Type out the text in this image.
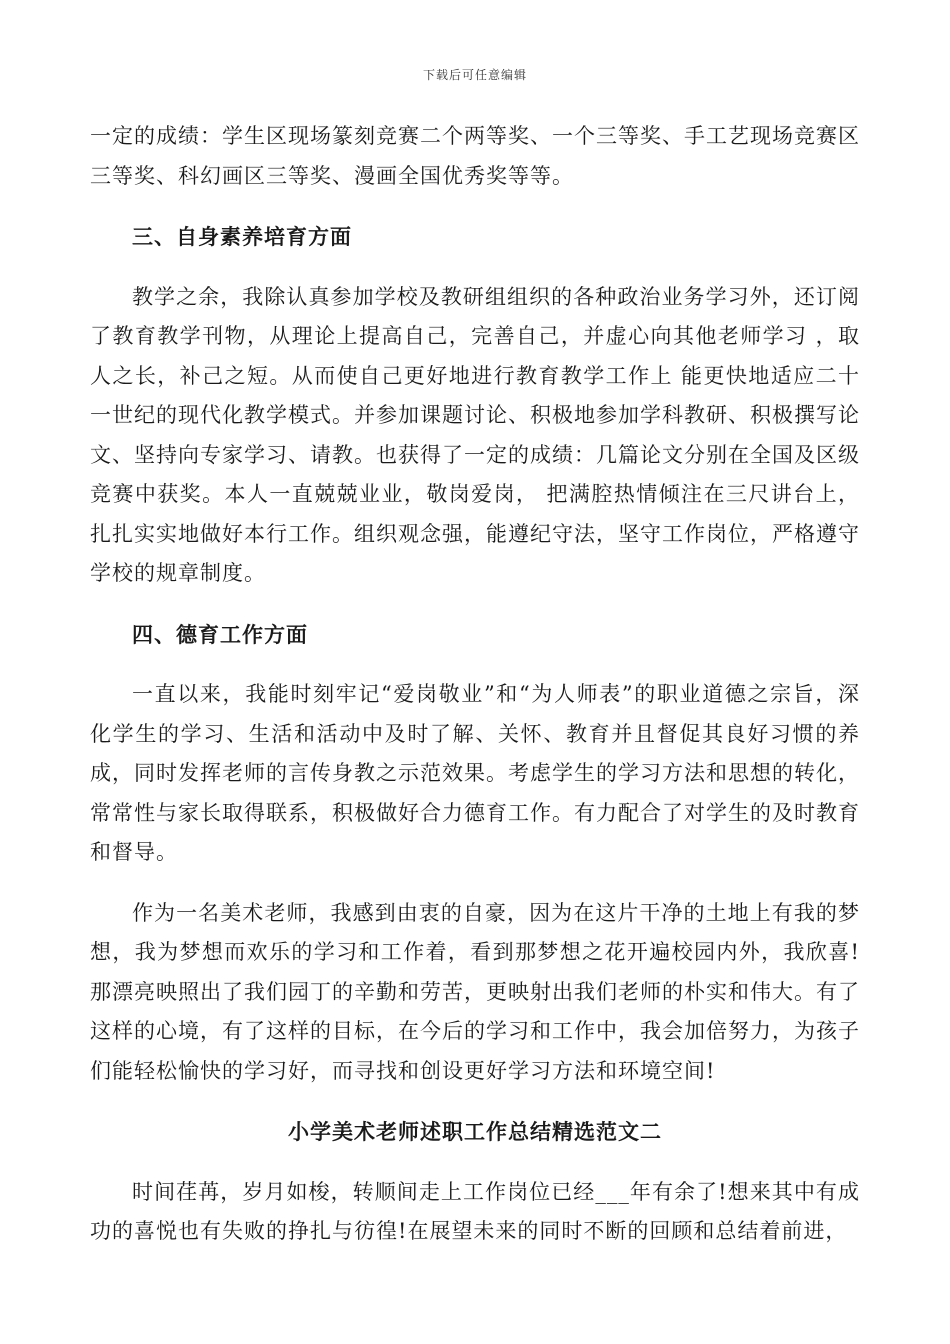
下载后可任意编辑

一定的成绩：学生区现场篆刻竞赛二个两等奖、一个三等奖、手工艺现场竞赛区三等奖、科幻画区三等奖、漫画全国优秀奖等等。

三、自身素养培育方面

教学之余，我除认真参加学校及教研组组织的各种政治业务学习外，还订阅了教育教学刊物，从理论上提高自己，完善自己，并虚心向其他老师学习 ，取人之长，补己之短。从而使自己更好地进行教育教学工作上 能更快地适应二十一世纪的现代化教学模式。并参加课题讨论、积极地参加学科教研、积极撰写论文、坚持向专家学习、请教。也获得了一定的成绩：几篇论文分别在全国及区级竞赛中获奖。本人一直兢兢业业，敬岗爱岗， 把满腔热情倾注在三尺讲台上， 扎扎实实地做好本行工作。组织观念强，能遵纪守法，坚守工作岗位，严格遵守学校的规章制度。

四、德育工作方面

一直以来，我能时刻牢记“爱岗敬业”和“为人师表”的职业道德之宗旨，深化学生的学习、生活和活动中及时了解、关怀、教育并且督促其良好习惯的养成，同时发挥老师的言传身教之示范效果。考虑学生的学习方法和思想的转化，常常性与家长取得联系，积极做好合力德育工作。有力配合了对学生的及时教育和督导。

作为一名美术老师，我感到由衷的自豪，因为在这片干净的土地上有我的梦想，我为梦想而欢乐的学习和工作着，看到那梦想之花开遍校园内外，我欣喜!那漂亮映照出了我们园丁的辛勤和劳苦，更映射出我们老师的朴实和伟大。有了这样的心境，有了这样的目标，在今后的学习和工作中，我会加倍努力，为孩子们能轻松愉快的学习好，而寻找和创设更好学习方法和环境空间!

小学美术老师述职工作总结精选范文二

时间荏苒，岁月如梭，转顺间走上工作岗位已经___年有余了!想来其中有成功的喜悦也有失败的挣扎与彷徨!在展望未来的同时不断的回顾和总结着前进，
